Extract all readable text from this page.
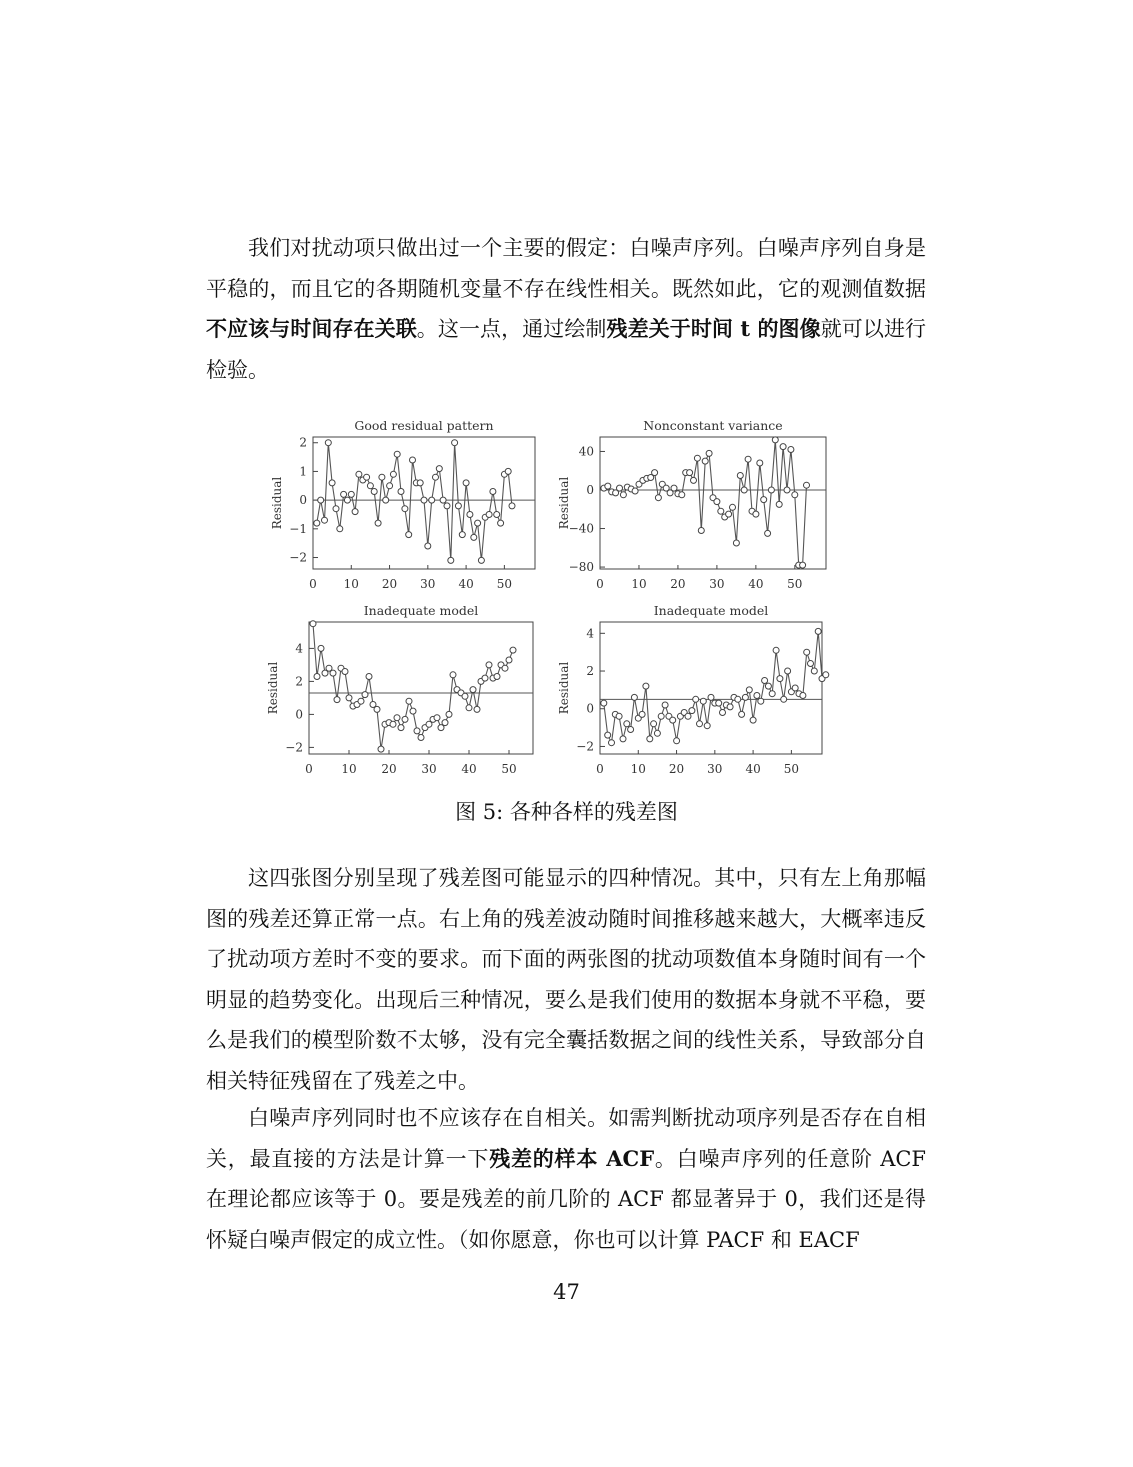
我们对扰动项只做出过一个主要的假定：白噪声序列。白噪声序列自身是平稳的，而且它的各期随机变量不存在线性相关。既然如此，它的观测值数据不应该与时间存在关联。这一点，通过绘制残差关于时间 t 的图像就可以进行检验。

Good residual pattern
Residual
0 10 20 30 40 50
2
1
0
−1
−2
Nonconstant variance
Residual
0 10 20 30 40 50
40
0
−40
−80
Inadequate model
Residual
0 10 20 30 40 50
4
2
0
−2
Inadequate model
Residual
0 10 20 30 40 50
4
2
0
−2
图 5: 各种各样的残差图

这四张图分别呈现了残差图可能显示的四种情况。其中，只有左上角那幅图的残差还算正常一点。右上角的残差波动随时间推移越来越大，大概率违反了扰动项方差时不变的要求。而下面的两张图的扰动项数值本身随时间有一个明显的趋势变化。出现后三种情况，要么是我们使用的数据本身就不平稳，要么是我们的模型阶数不太够，没有完全囊括数据之间的线性关系，导致部分自相关特征残留在了残差之中。

白噪声序列同时也不应该存在自相关。如需判断扰动项序列是否存在自相关，最直接的方法是计算一下残差的样本 ACF。白噪声序列的任意阶 ACF 在理论都应该等于 0。要是残差的前几阶的 ACF 都显著异于 0，我们还是得怀疑白噪声假定的成立性。（如你愿意，你也可以计算 PACF 和 EACF

47
